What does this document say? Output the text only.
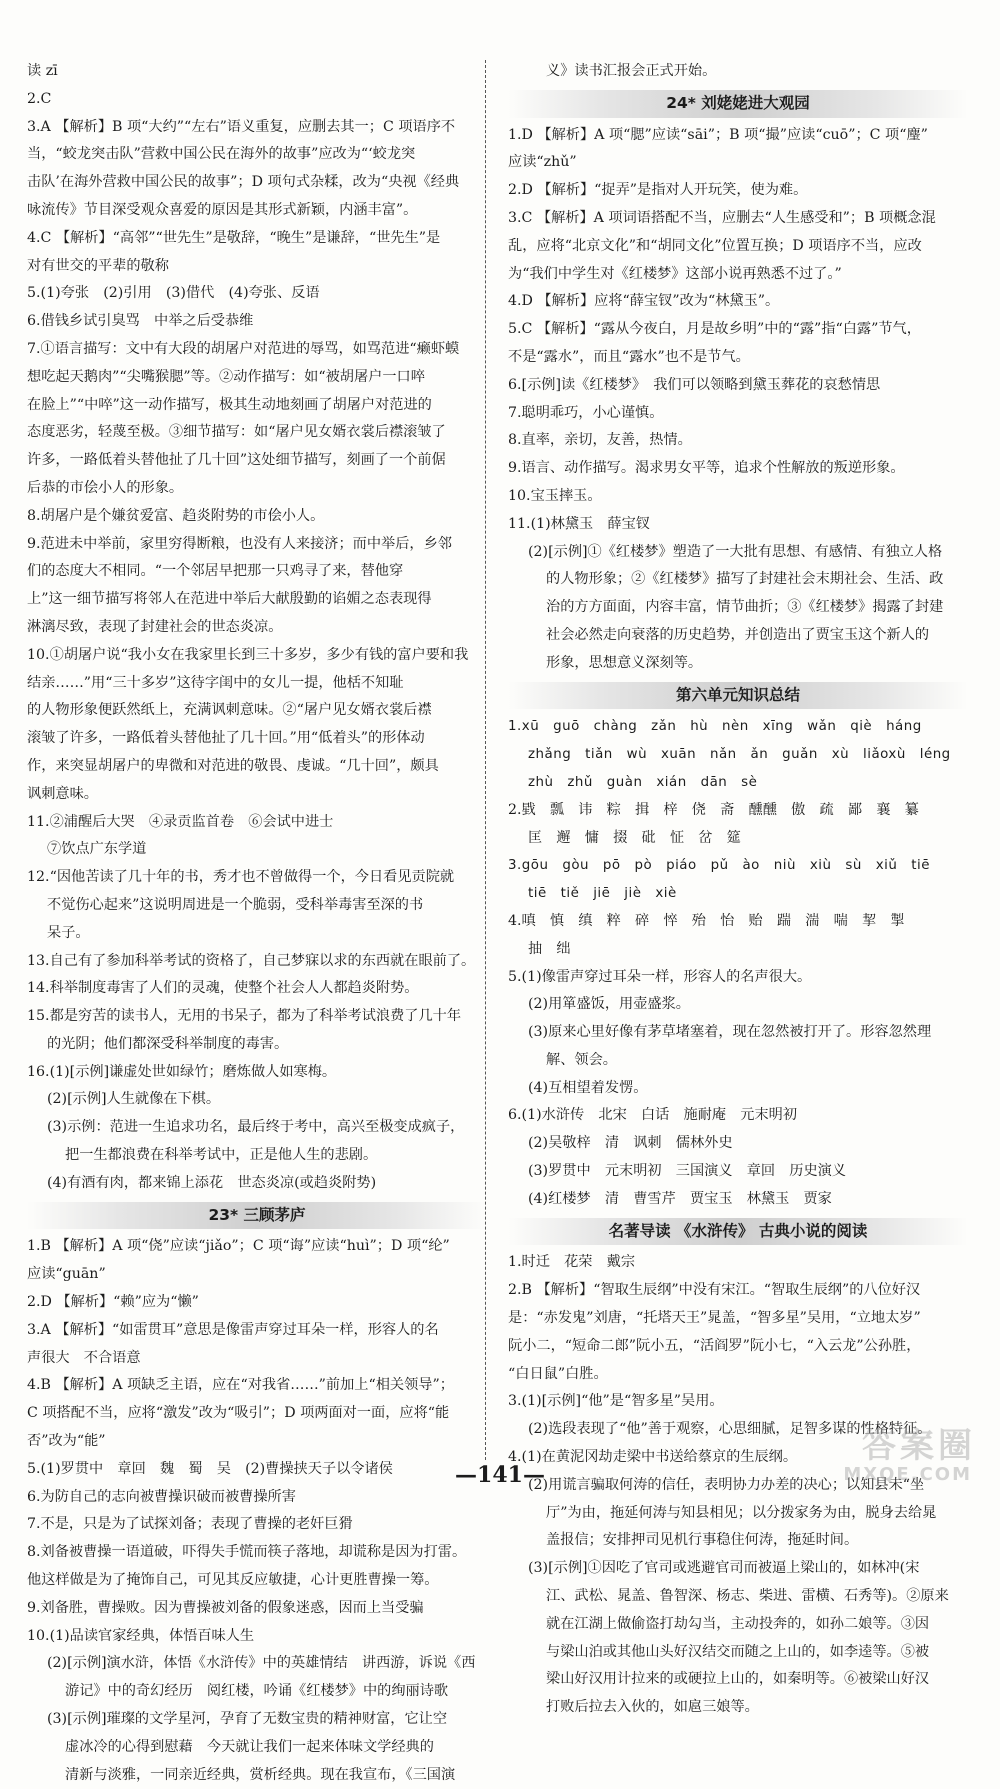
读 zī
2.C
3.A 【解析】B 项“大约”“左右”语义重复，应删去其一；C 项语序不
当，“蛟龙突击队”营救中国公民在海外的故事”应改为“‘蛟龙突
击队’在海外营救中国公民的故事”；D 项句式杂糅，改为“央视《经典
咏流传》节目深受观众喜爱的原因是其形式新颖，内涵丰富”。
4.C 【解析】“高邻”“世先生”是敬辞，“晚生”是谦辞，“世先生”是
对有世交的平辈的敬称
5.(1)夸张　(2)引用　(3)借代　(4)夸张、反语
6.借钱乡试引臭骂　中举之后受恭维
7.①语言描写：文中有大段的胡屠户对范进的辱骂，如骂范进“癞虾蟆
想吃起天鹅肉”“尖嘴猴腮”等。②动作描写：如“被胡屠户一口啐
在脸上”“中啐”这一动作描写，极其生动地刻画了胡屠户对范进的
态度恶劣，轻蔑至极。③细节描写：如“屠户见女婿衣裳后襟滚皱了
许多，一路低着头替他扯了几十回”这处细节描写，刻画了一个前倨
后恭的市侩小人的形象。
8.胡屠户是个嫌贫爱富、趋炎附势的市侩小人。
9.范进未中举前，家里穷得断粮，也没有人来接济；而中举后，乡邻
们的态度大不相同。“一个邻居早把那一只鸡寻了来，替他穿
上”这一细节描写将邻人在范进中举后大献殷勤的谄媚之态表现得
淋漓尽致，表现了封建社会的世态炎凉。
10.①胡屠户说“我小女在我家里长到三十多岁，多少有钱的富户要和我
结亲……”用“三十多岁”这待字闺中的女儿一提，他栝不知耻
的人物形象便跃然纸上，充满讽刺意味。②“屠户见女婿衣裳后襟
滚皱了许多，一路低着头替他扯了几十回。”用“低着头”的形体动
作，来突显胡屠户的卑微和对范进的敬畏、虔诚。“几十回”，颇具
讽刺意味。
11.②浦醒后大哭　④录贡监首卷　⑥会试中进士
⑦饮点广东学道
12.“因他苦读了几十年的书，秀才也不曾做得一个，今日看见贡院就
不觉伤心起来”这说明周进是一个脆弱，受科举毒害至深的书
呆子。
13.自己有了参加科举考试的资格了，自己梦寐以求的东西就在眼前了。
14.科举制度毒害了人们的灵魂，使整个社会人人都趋炎附势。
15.都是穷苦的读书人，无用的书呆子，都为了科举考试浪费了几十年
的光阴；他们都深受科举制度的毒害。
16.(1)[示例]谦虚处世如绿竹；磨炼做人如寒梅。
(2)[示例]人生就像在下棋。
(3)示例：范进一生追求功名，最后终于考中，高兴至极变成疯子，
把一生都浪费在科举考试中，正是他人生的悲剧。
(4)有酒有肉，都来锦上添花　世态炎凉(或趋炎附势)
23* 三顾茅庐
1.B 【解析】A 项“侥”应读“jiǎo”；C 项“诲”应读“huì”；D 项“纶”
应读“guān”
2.D 【解析】“赖”应为“懒”
3.A 【解析】“如雷贯耳”意思是像雷声穿过耳朵一样，形容人的名
声很大　不合语意
4.B 【解析】A 项缺乏主语，应在“对我省……”前加上“相关领导”；
C 项搭配不当，应将“激发”改为“吸引”；D 项两面对一面，应将“能
否”改为“能”
5.(1)罗贯中　章回　魏　蜀　吴　(2)曹操挟天子以令诸侯
6.为防自己的志向被曹操识破而被曹操所害
7.不是，只是为了试探刘备；表现了曹操的老奸巨猾
8.刘备被曹操一语道破，吓得失手慌而筷子落地，却谎称是因为打雷。
他这样做是为了掩饰自己，可见其反应敏捷，心计更胜曹操一筹。
9.刘备胜，曹操败。因为曹操被刘备的假象迷惑，因而上当受骗
10.(1)品读官家经典，体悟百味人生
(2)[示例]演水浒，体悟《水浒传》中的英雄情结　讲西游，诉说《西
游记》中的奇幻经历　阅红楼，吟诵《红楼梦》中的绚丽诗歌
(3)[示例]璀璨的文学星河，孕育了无数宝贵的精神财富，它让空
虚冰冷的心得到慰藉　今天就让我们一起来体味文学经典的
清新与淡雅，一同亲近经典，赏析经典。现在我宣布，《三国演
义》读书汇报会正式开始。
24* 刘姥姥进大观园
1.D 【解析】A 项“腮”应读“sāi”；B 项“撮”应读“cuō”；C 项“麈”
应读“zhǔ”
2.D 【解析】“捉弄”是指对人开玩笑，使为难。
3.C 【解析】A 项词语搭配不当，应删去“人生感受和”；B 项概念混
乱，应将“北京文化”和“胡同文化”位置互换；D 项语序不当，应改
为“我们中学生对《红楼梦》这部小说再熟悉不过了。”
4.D 【解析】应将“薛宝钗”改为“林黛玉”。
5.C 【解析】“露从今夜白，月是故乡明”中的“露”指“白露”节气，
不是“露水”，而且“露水”也不是节气。
6.[示例]读《红楼梦》　我们可以领略到黛玉葬花的哀愁情思
7.聪明乖巧，小心谨慎。
8.直率，亲切，友善，热情。
9.语言、动作描写。渴求男女平等，追求个性解放的叛逆形象。
10.宝玉摔玉。
11.(1)林黛玉　薛宝钗
(2)[示例]①《红楼梦》塑造了一大批有思想、有感情、有独立人格
的人物形象；②《红楼梦》描写了封建社会末期社会、生活、政
治的方方面面，内容丰富，情节曲折；③《红楼梦》揭露了封建
社会必然走向衰落的历史趋势，并创造出了贾宝玉这个新人的
形象，思想意义深刻等。
第六单元知识总结
1.xū　guō　chàng　zǎn　hù　nèn　xīng　wǎn　qiè　háng
zhǎng　tiǎn　wù　xuān　nǎn　ǎn　guǎn　xù　liǎoxù　léng
zhù　zhǔ　guàn　xián　dān　sè
2.戥　瓢　讳　粽　揖　梓　侥　斋　醺醺　傲　疏　鄙　襄　纂
匡　邂　慵　掇　砒　怔　岔　筵
3.gōu　gòu　pō　pò　piáo　pǔ　ào　niù　xiù　sù　xiǔ　tiē
tiē　tiě　jiē　jiè　xiè
4.嗔　慎　缜　粹　碎　悴　殆　怡　贻　踹　湍　喘　挈　掣
抽　绌
5.(1)像雷声穿过耳朵一样，形容人的名声很大。
(2)用箪盛饭，用壶盛浆。
(3)原来心里好像有茅草堵塞着，现在忽然被打开了。形容忽然理
解、领会。
(4)互相望着发愣。
6.(1)水浒传　北宋　白话　施耐庵　元末明初
(2)吴敬梓　清　讽刺　儒林外史
(3)罗贯中　元末明初　三国演义　章回　历史演义
(4)红楼梦　清　曹雪芹　贾宝玉　林黛玉　贾家
名著导读 《水浒传》 古典小说的阅读
1.时迁　花荣　戴宗
2.B 【解析】“智取生辰纲”中没有宋江。“智取生辰纲”的八位好汉
是：“赤发鬼”刘唐，“托塔天王”晁盖，“智多星”吴用，“立地太岁”
阮小二，“短命二郎”阮小五，“活阎罗”阮小七，“入云龙”公孙胜，
“白日鼠”白胜。
3.(1)[示例]“他”是“智多星”吴用。
(2)选段表现了“他”善于观察，心思细腻，足智多谋的性格特征。
4.(1)在黄泥冈劫走梁中书送给蔡京的生辰纲。
(2)用谎言骗取何涛的信任，表明协力办差的决心；以知县未“坐
厅”为由，拖延何涛与知县相见；以分拨家务为由，脱身去给晁
盖报信；安排押司见机行事稳住何涛，拖延时间。
(3)[示例]①因吃了官司或逃避官司而被逼上梁山的，如林冲(宋
江、武松、晁盖、鲁智深、杨志、柴进、雷横、石秀等)。②原来
就在江湖上做偷盗打劫勾当，主动投奔的，如孙二娘等。③因
与梁山泊或其他山头好汉结交而随之上山的，如李逵等。⑤被
梁山好汉用计拉来的或硬拉上山的，如秦明等。⑥被梁山好汉
打败后拉去入伙的，如扈三娘等。
—141—
答案圈
MXQE.COM
